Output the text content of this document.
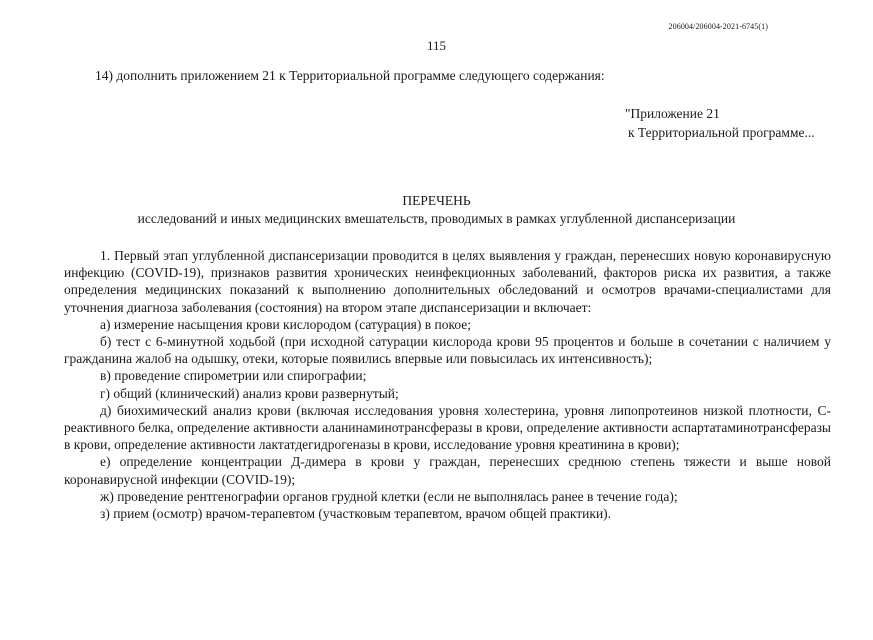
206004/206004-2021-6745(1)
115
14) дополнить приложением 21 к Территориальной программе следующего содержания:
"Приложение 21
к Территориальной программе...
ПЕРЕЧЕНЬ
исследований и иных медицинских вмешательств, проводимых в рамках углубленной диспансеризации

1. Первый этап углубленной диспансеризации проводится в целях выявления у граждан, перенесших новую коронавирусную инфекцию (COVID-19), признаков развития хронических неинфекционных заболеваний, факторов риска их развития, а также определения медицинских показаний к выполнению дополнительных обследований и осмотров врачами-специалистами для уточнения диагноза заболевания (состояния) на втором этапе диспансеризации и включает:

а) измерение насыщения крови кислородом (сатурация) в покое;

б) тест с 6-минутной ходьбой (при исходной сатурации кислорода крови 95 процентов и больше в сочетании с наличием у гражданина жалоб на одышку, отеки, которые появились впервые или повысилась их интенсивность);

в) проведение спирометрии или спирографии;

г) общий (клинический) анализ крови развернутый;

д) биохимический анализ крови (включая исследования уровня холестерина, уровня липопротеинов низкой плотности, С-реактивного белка, определение активности аланинаминотрансферазы в крови, определение активности аспартатаминотрансферазы в крови, определение активности лактатдегидрогеназы в крови, исследование уровня креатинина в крови);

е) определение концентрации Д-димера в крови у граждан, перенесших среднюю степень тяжести и выше новой коронавирусной инфекции (COVID-19);

ж) проведение рентгенографии органов грудной клетки (если не выполнялась ранее в течение года);

з) прием (осмотр) врачом-терапевтом (участковым терапевтом, врачом общей практики).
